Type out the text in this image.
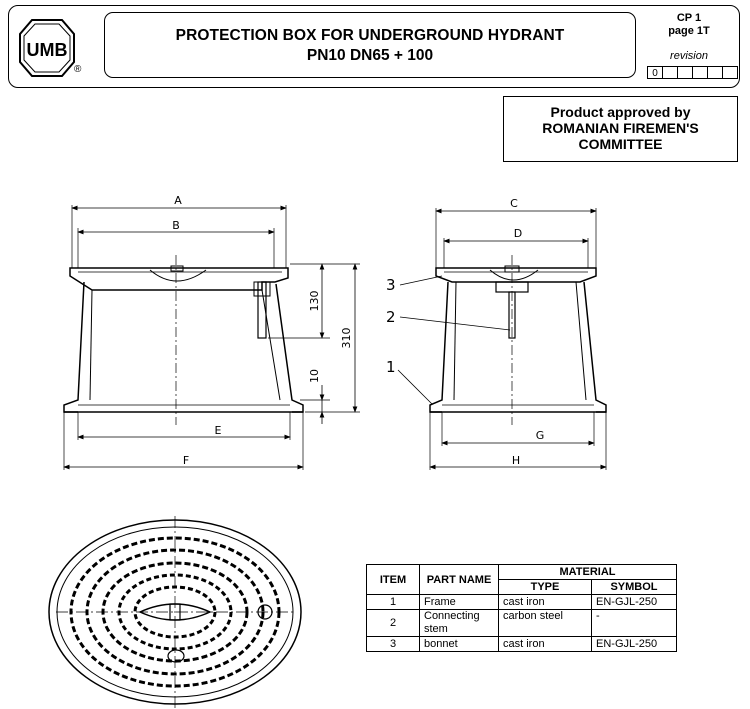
UMB
®
PROTECTION BOX FOR UNDERGROUND HYDRANT
PN10 DN65 + 100
CP 1
page 1T
revision
0
Product approved by
ROMANIAN FIREMEN'S
COMMITTEE
A
B
E
F
130
310
10
C
D
G
H
3
2
1
ITEM	PART NAME	MATERIAL	
		TYPE	SYMBOL
1	Frame	cast iron	EN-GJL-250
2	Connecting stem	carbon steel	-
3	bonnet	cast iron	EN-GJL-250
